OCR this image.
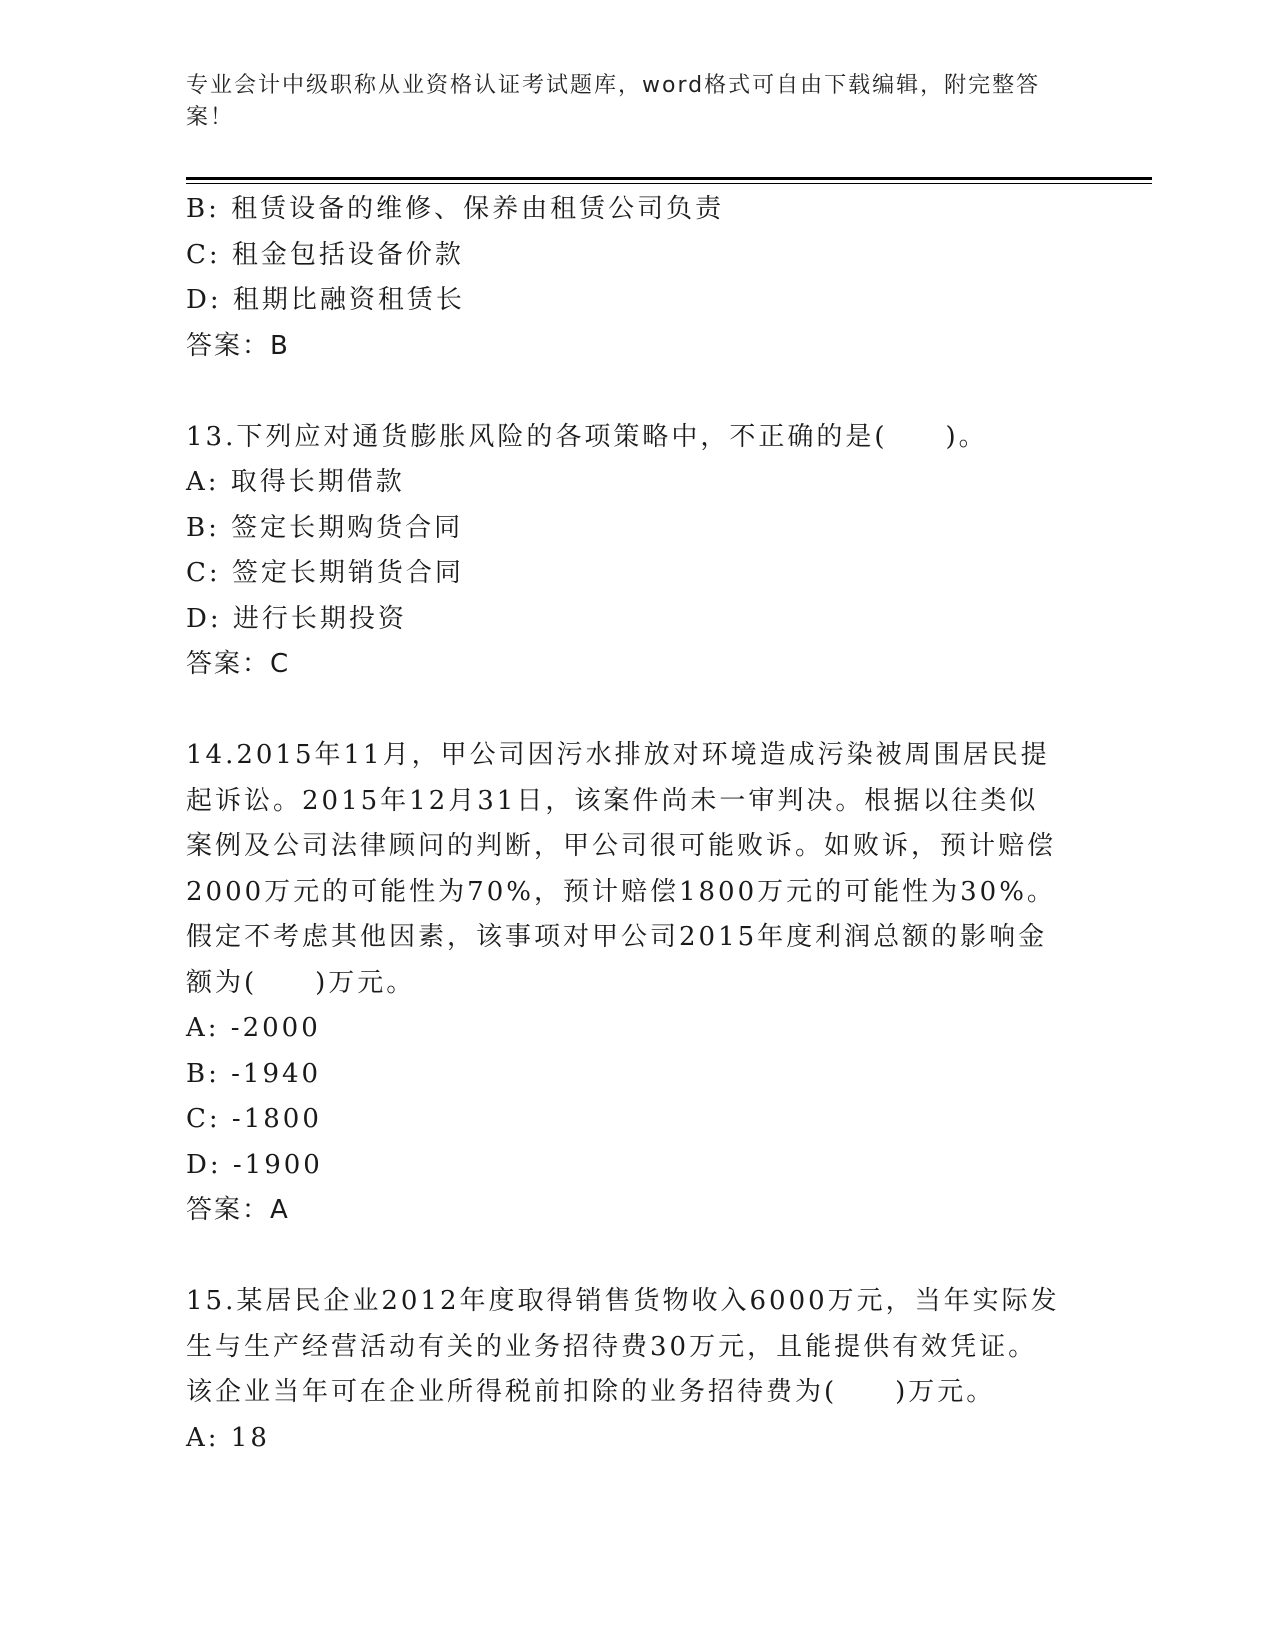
专业会计中级职称从业资格认证考试题库，word格式可自由下载编辑，附完整答案！
B: 租赁设备的维修、保养由租赁公司负责
C: 租金包括设备价款
D: 租期比融资租赁长
答案：B
13.下列应对通货膨胀风险的各项策略中，不正确的是(　　)。
A: 取得长期借款
B: 签定长期购货合同
C: 签定长期销货合同
D: 进行长期投资
答案：C
14.2015年11月，甲公司因污水排放对环境造成污染被周围居民提起诉讼。2015年12月31日，该案件尚未一审判决。根据以往类似案例及公司法律顾问的判断，甲公司很可能败诉。如败诉，预计赔偿2000万元的可能性为70%，预计赔偿1800万元的可能性为30%。假定不考虑其他因素，该事项对甲公司2015年度利润总额的影响金额为(　　)万元。
A: -2000
B: -1940
C: -1800
D: -1900
答案：A
15.某居民企业2012年度取得销售货物收入6000万元，当年实际发生与生产经营活动有关的业务招待费30万元，且能提供有效凭证。该企业当年可在企业所得税前扣除的业务招待费为(　　)万元。
A: 18
